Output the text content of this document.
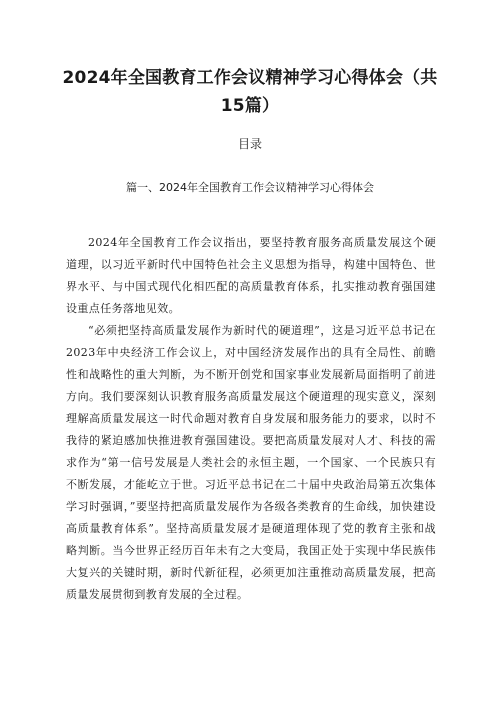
2024年全国教育工作会议精神学习心得体会（共15篇）
目录
篇一、2024年全国教育工作会议精神学习心得体会

2024年全国教育工作会议指出，要坚持教育服务高质量发展这个硬道理，以习近平新时代中国特色社会主义思想为指导，构建中国特色、世界水平、与中国式现代化相匹配的高质量教育体系，扎实推动教育强国建设重点任务落地见效。

“必须把坚持高质量发展作为新时代的硬道理”，这是习近平总书记在2023年中央经济工作会议上，对中国经济发展作出的具有全局性、前瞻性和战略性的重大判断，为不断开创党和国家事业发展新局面指明了前进方向。我们要深刻认识教育服务高质量发展这个硬道理的现实意义，深刻理解高质量发展这一时代命题对教育自身发展和服务能力的要求，以时不我待的紧迫感加快推进教育强国建设。要把高质量发展对人才、科技的需求作为“第一信号发展是人类社会的永恒主题，一个国家、一个民族只有不断发展，才能屹立于世。习近平总书记在二十届中央政治局第五次集体学习时强调，”要坚持把高质量发展作为各级各类教育的生命线，加快建设高质量教育体系”。坚持高质量发展才是硬道理体现了党的教育主张和战略判断。当今世界正经历百年未有之大变局，我国正处于实现中华民族伟大复兴的关键时期，新时代新征程，必须更加注重推动高质量发展，把高质量发展贯彻到教育发展的全过程。
